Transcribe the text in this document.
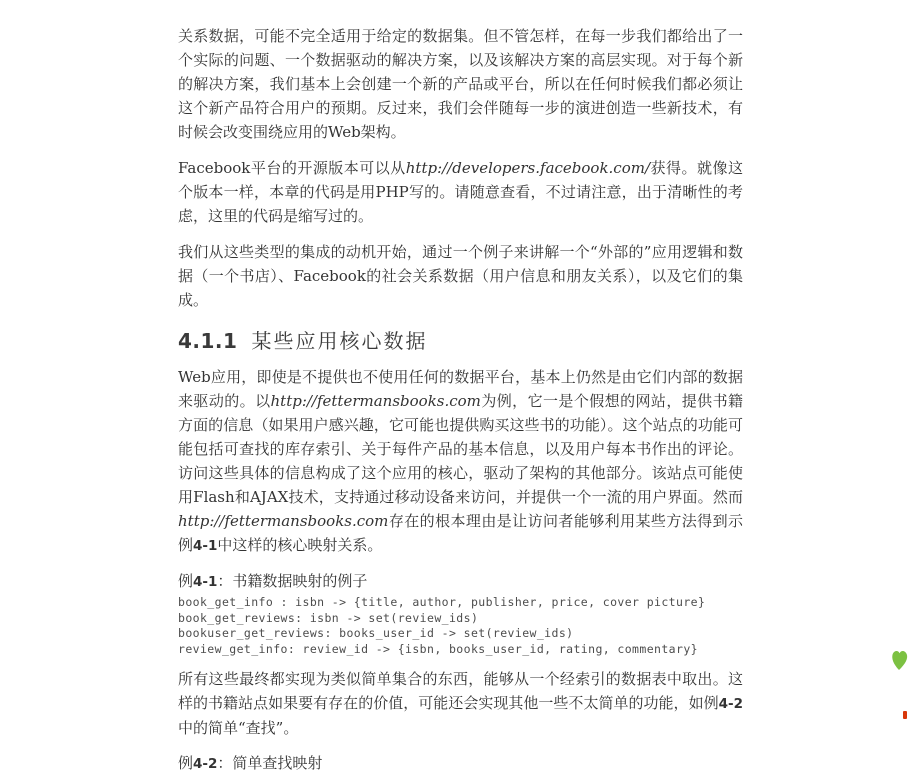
关系数据，可能不完全适用于给定的数据集。但不管怎样，在每一步我们都给出了一个实际的问题、一个数据驱动的解决方案，以及该解决方案的高层实现。对于每个新的解决方案，我们基本上会创建一个新的产品或平台，所以在任何时候我们都必须让这个新产品符合用户的预期。反过来，我们会伴随每一步的演进创造一些新技术，有时候会改变围绕应用的Web架构。

Facebook平台的开源版本可以从http://developers.facebook.com/获得。就像这个版本一样，本章的代码是用PHP写的。请随意查看，不过请注意，出于清晰性的考虑，这里的代码是缩写过的。

我们从这些类型的集成的动机开始，通过一个例子来讲解一个“外部的”应用逻辑和数据（一个书店）、Facebook的社会关系数据（用户信息和朋友关系），以及它们的集成。

4.1.1 某些应用核心数据

Web应用，即使是不提供也不使用任何的数据平台，基本上仍然是由它们内部的数据来驱动的。以http://fettermansbooks.com为例，它一是个假想的网站，提供书籍方面的信息（如果用户感兴趣，它可能也提供购买这些书的功能）。这个站点的功能可能包括可查找的库存索引、关于每件产品的基本信息，以及用户每本书作出的评论。访问这些具体的信息构成了这个应用的核心，驱动了架构的其他部分。该站点可能使用Flash和AJAX技术，支持通过移动设备来访问，并提供一个一流的用户界面。然而http://fettermansbooks.com存在的根本理由是让访问者能够利用某些方法得到示例4-1中这样的核心映射关系。

例4-1：书籍数据映射的例子

book_get_info : isbn -> {title, author, publisher, price, cover picture}
book_get_reviews: isbn -> set(review_ids)
bookuser_get_reviews: books_user_id -> set(review_ids)
review_get_info: review_id -> {isbn, books_user_id, rating, commentary}

所有这些最终都实现为类似简单集合的东西，能够从一个经索引的数据表中取出。这样的书籍站点如果要有存在的价值，可能还会实现其他一些不太简单的功能，如例4-2中的简单“查找”。

例4-2：简单查找映射
